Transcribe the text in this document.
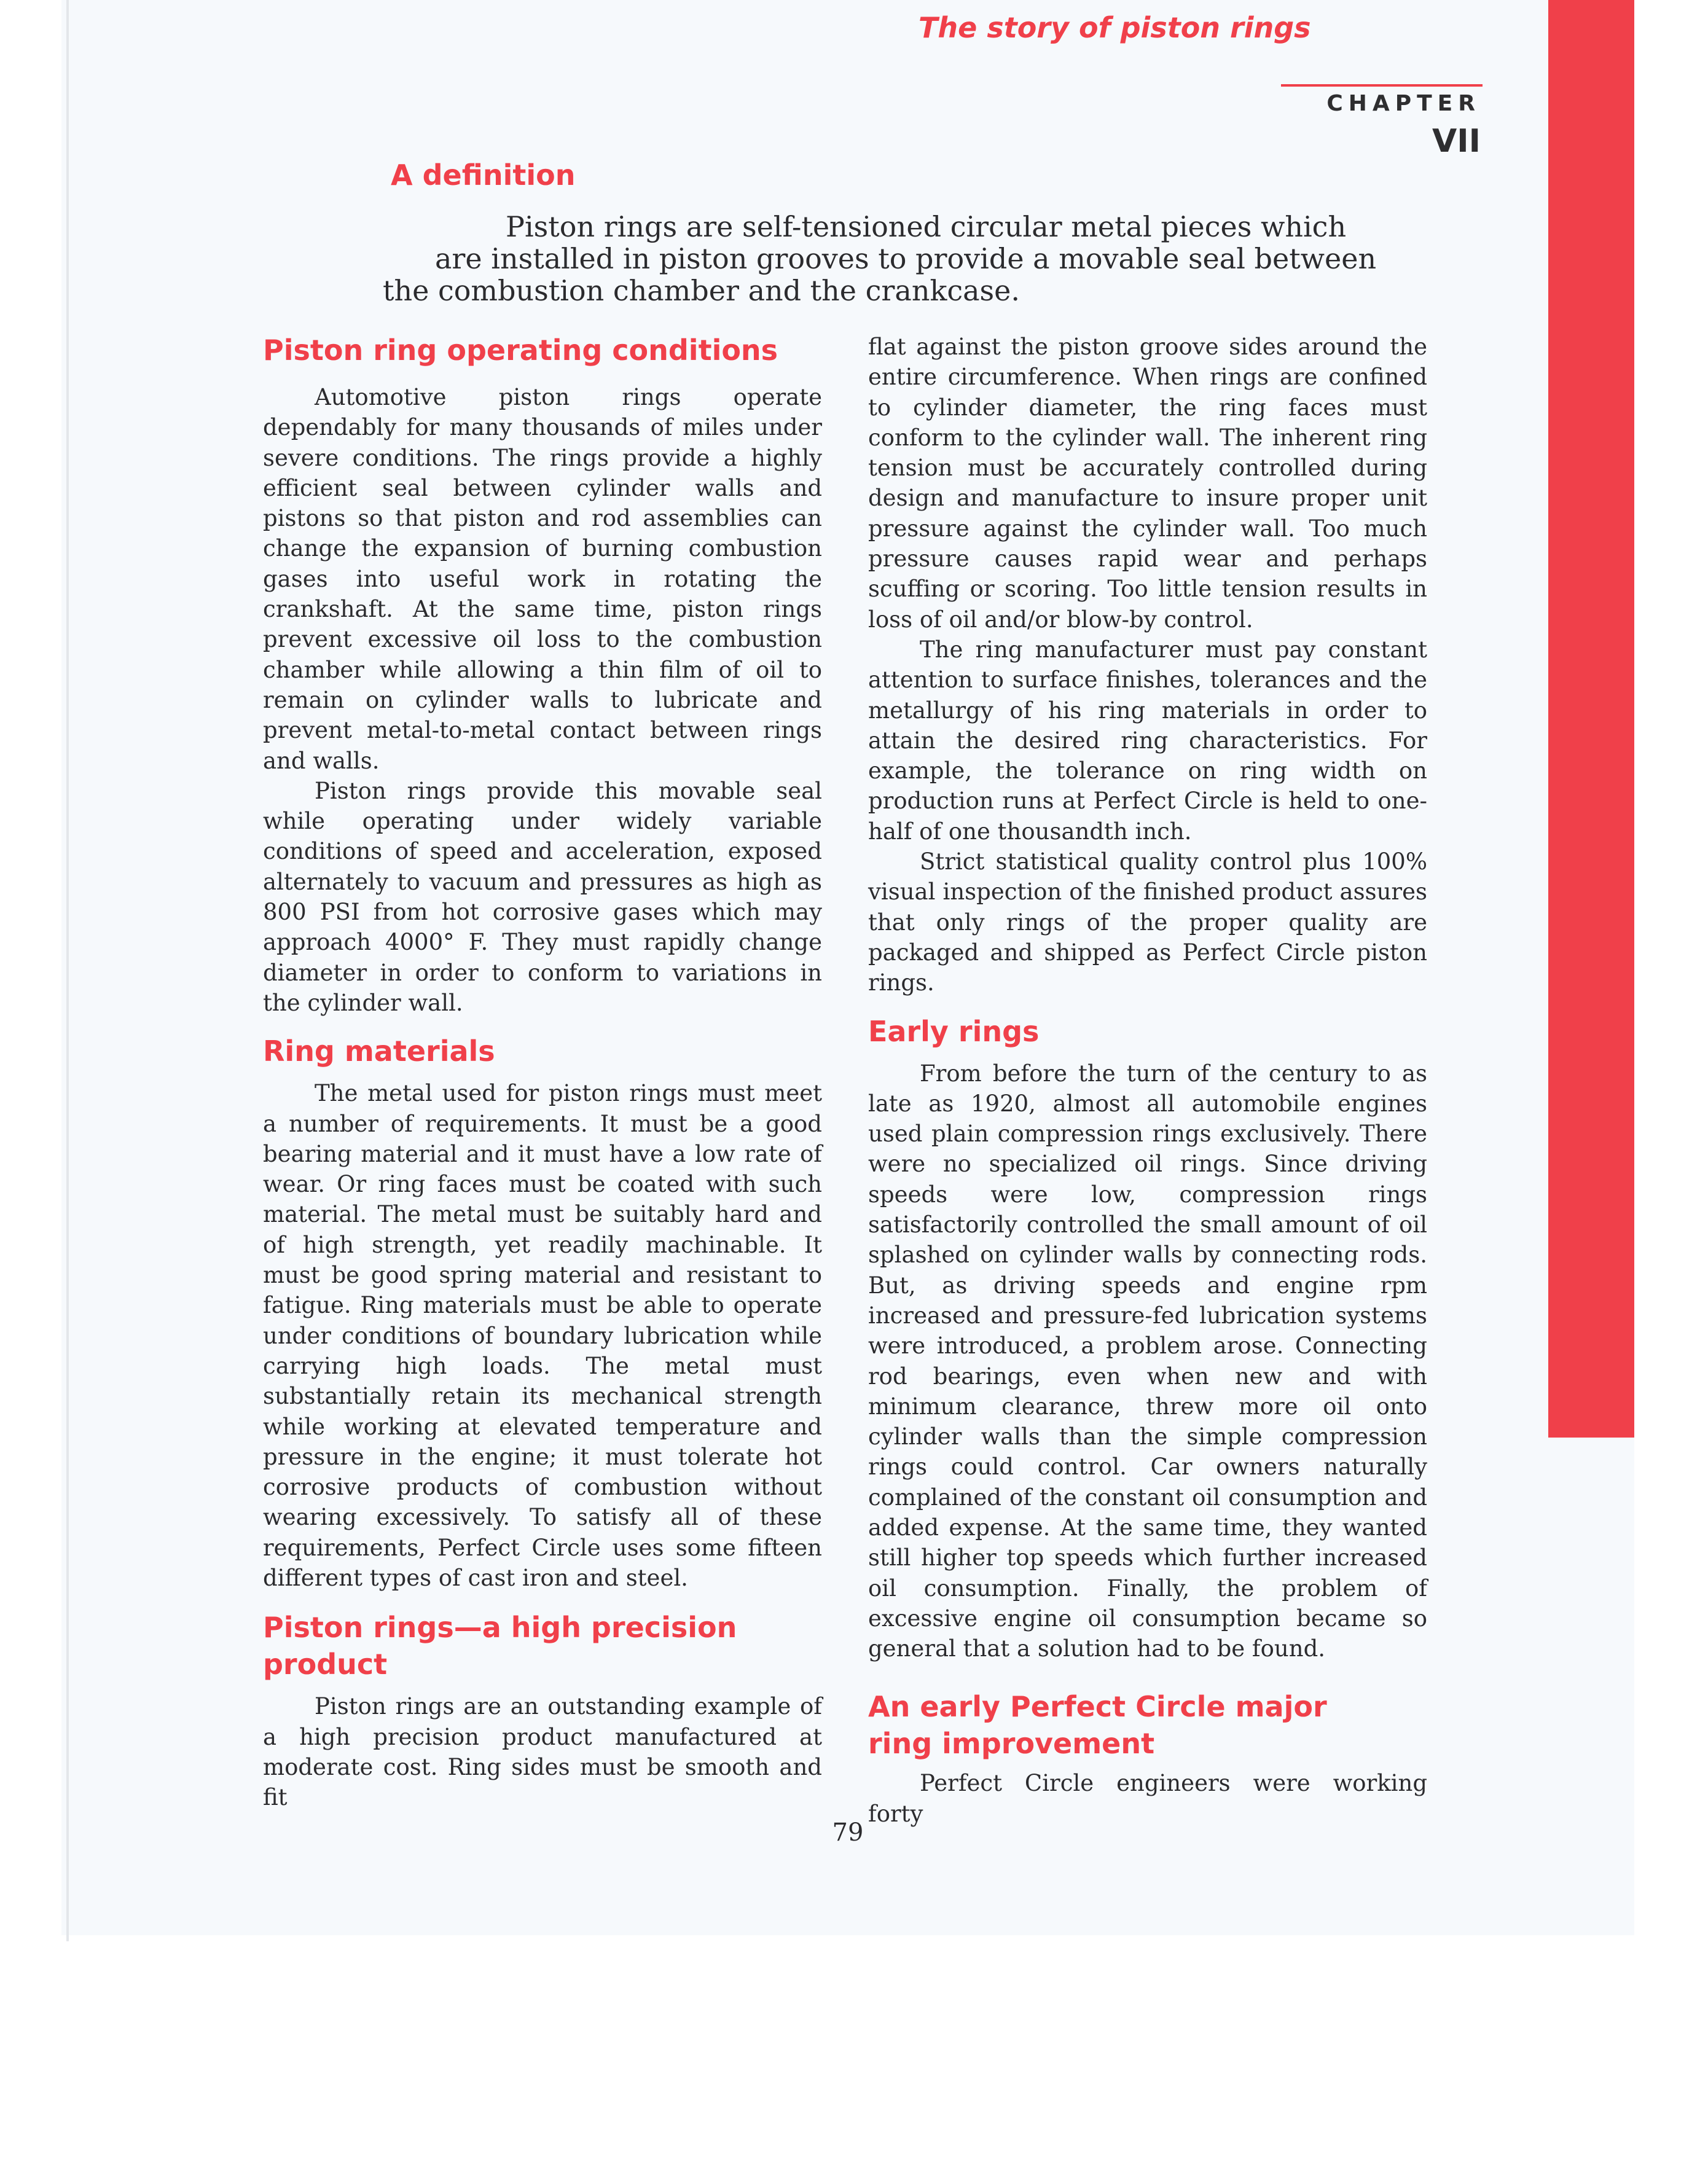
The story of piston rings
CHAPTER
VII
A definition
Piston rings are self-tensioned circular metal pieces which
are installed in piston grooves to provide a movable seal between
the combustion chamber and the crankcase.
Piston ring operating conditions

Automotive piston rings operate dependably for many thousands of miles under severe conditions. The rings provide a highly efficient seal between cylinder walls and pistons so that piston and rod assemblies can change the expansion of burning combustion gases into useful work in rotating the crankshaft. At the same time, piston rings prevent excessive oil loss to the combustion chamber while allowing a thin film of oil to remain on cylinder walls to lubricate and prevent metal-to-metal contact between rings and walls.

Piston rings provide this movable seal while operating under widely variable conditions of speed and acceleration, exposed alternately to vacuum and pressures as high as 800 PSI from hot corrosive gases which may approach 4000° F. They must rapidly change diameter in order to conform to variations in the cylinder wall.

Ring materials

The metal used for piston rings must meet a number of requirements. It must be a good bearing material and it must have a low rate of wear. Or ring faces must be coated with such material. The metal must be suitably hard and of high strength, yet readily machinable. It must be good spring material and resistant to fatigue. Ring materials must be able to operate under conditions of boundary lubrication while carrying high loads. The metal must substantially retain its mechanical strength while working at elevated temperature and pressure in the engine; it must tolerate hot corrosive products of combustion without wearing excessively. To satisfy all of these requirements, Perfect Circle uses some fifteen different types of cast iron and steel.

Piston rings—a high precision
product

Piston rings are an outstanding example of a high precision product manufactured at moderate cost. Ring sides must be smooth and fit

flat against the piston groove sides around the entire circumference. When rings are confined to cylinder diameter, the ring faces must conform to the cylinder wall. The inherent ring tension must be accurately controlled during design and manufacture to insure proper unit pressure against the cylinder wall. Too much pressure causes rapid wear and perhaps scuffing or scoring. Too little tension results in loss of oil and/or blow-by control.

The ring manufacturer must pay constant attention to surface finishes, tolerances and the metallurgy of his ring materials in order to attain the desired ring characteristics. For example, the tolerance on ring width on production runs at Perfect Circle is held to one-half of one thousandth inch.

Strict statistical quality control plus 100% visual inspection of the finished product assures that only rings of the proper quality are packaged and shipped as Perfect Circle piston rings.

Early rings

From before the turn of the century to as late as 1920, almost all automobile engines used plain compression rings exclusively. There were no specialized oil rings. Since driving speeds were low, compression rings satisfactorily controlled the small amount of oil splashed on cylinder walls by connecting rods. But, as driving speeds and engine rpm increased and pressure-fed lubrication systems were introduced, a problem arose. Connecting rod bearings, even when new and with minimum clearance, threw more oil onto cylinder walls than the simple compression rings could control. Car owners naturally complained of the constant oil consumption and added expense. At the same time, they wanted still higher top speeds which further increased oil consumption. Finally, the problem of excessive engine oil consumption became so general that a solution had to be found.

An early Perfect Circle major
ring improvement

Perfect Circle engineers were working forty

79
